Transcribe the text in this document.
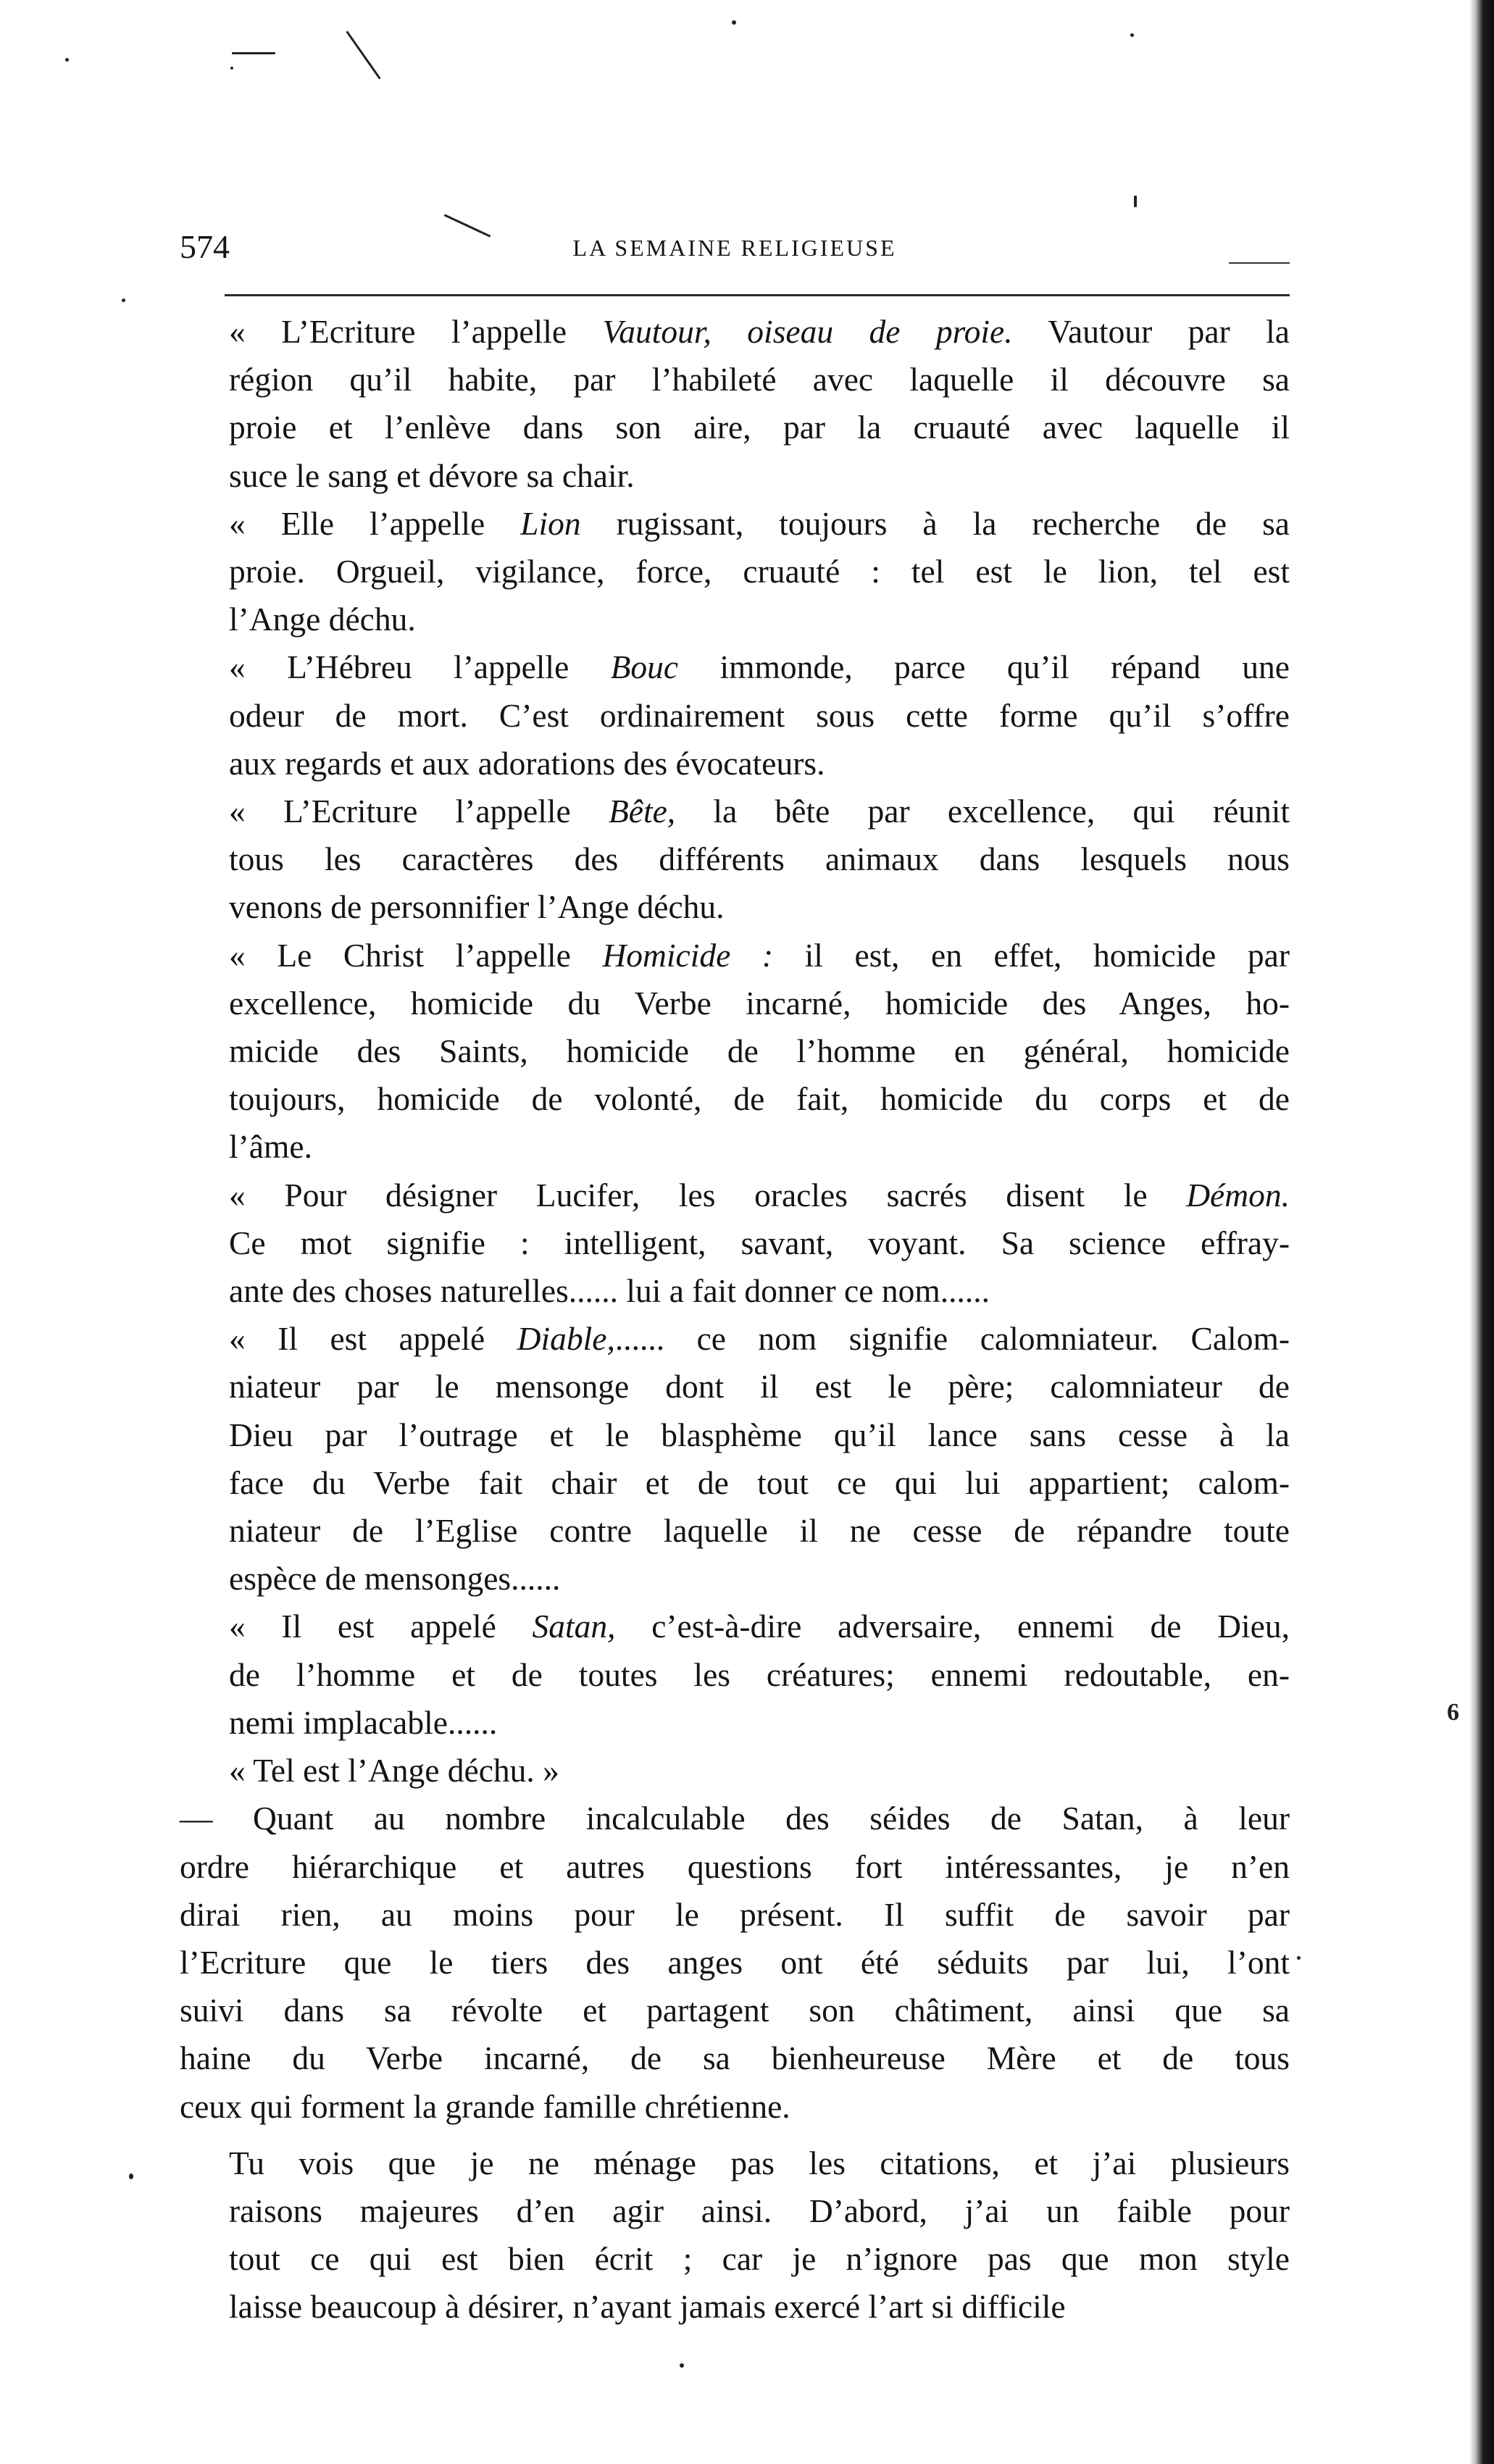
6
574	LA SEMAINE RELIGIEUSE
« L’Ecriture l’appelle Vautour, oiseau de proie. Vautour par la
région qu’il habite, par l’habileté avec laquelle il découvre sa
proie et l’enlève dans son aire, par la cruauté avec laquelle il
suce le sang et dévore sa chair.
« Elle l’appelle Lion rugissant, toujours à la recherche de sa
proie. Orgueil, vigilance, force, cruauté : tel est le lion, tel est
l’Ange déchu.
« L’Hébreu l’appelle Bouc immonde, parce qu’il répand une
odeur de mort. C’est ordinairement sous cette forme qu’il s’offre
aux regards et aux adorations des évocateurs.
« L’Ecriture l’appelle Bête, la bête par excellence, qui réunit
tous les caractères des différents animaux dans lesquels nous
venons de personnifier l’Ange déchu.
« Le Christ l’appelle Homicide : il est, en effet, homicide par
excellence, homicide du Verbe incarné, homicide des Anges, ho-
micide des Saints, homicide de l’homme en général, homicide
toujours, homicide de volonté, de fait, homicide du corps et de
l’âme.
« Pour désigner Lucifer, les oracles sacrés disent le Démon.
Ce mot signifie : intelligent, savant, voyant. Sa science effray-
ante des choses naturelles...... lui a fait donner ce nom......
« Il est appelé Diable,...... ce nom signifie calomniateur. Calom-
niateur par le mensonge dont il est le père; calomniateur de
Dieu par l’outrage et le blasphème qu’il lance sans cesse à la
face du Verbe fait chair et de tout ce qui lui appartient; calom-
niateur de l’Eglise contre laquelle il ne cesse de répandre toute
espèce de mensonges......
« Il est appelé Satan, c’est-à-dire adversaire, ennemi de Dieu,
de l’homme et de toutes les créatures; ennemi redoutable, en-
nemi implacable......
« Tel est l’Ange déchu. »
— Quant au nombre incalculable des séides de Satan, à leur
ordre hiérarchique et autres questions fort intéressantes, je n’en
dirai rien, au moins pour le présent. Il suffit de savoir par
l’Ecriture que le tiers des anges ont été séduits par lui, l’ont
suivi dans sa révolte et partagent son châtiment, ainsi que sa
haine du Verbe incarné, de sa bienheureuse Mère et de tous
ceux qui forment la grande famille chrétienne.
Tu vois que je ne ménage pas les citations, et j’ai plusieurs
raisons majeures d’en agir ainsi. D’abord, j’ai un faible pour
tout ce qui est bien écrit ; car je n’ignore pas que mon style
laisse beaucoup à désirer, n’ayant jamais exercé l’art si difficile
